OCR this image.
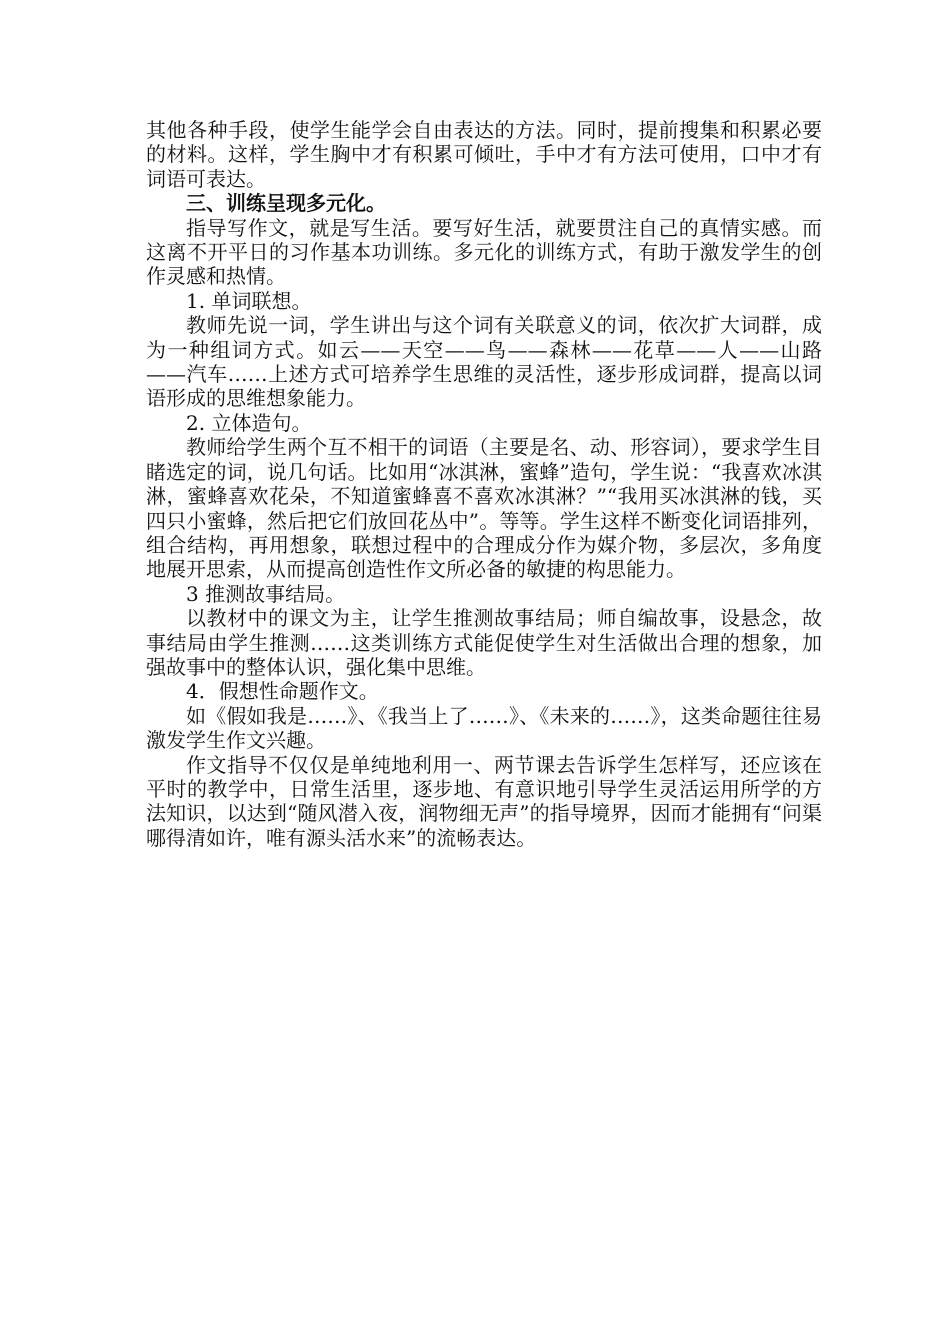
其他各种手段，使学生能学会自由表达的方法。同时，提前搜集和积累必要的材料。这样，学生胸中才有积累可倾吐，手中才有方法可使用，口中才有词语可表达。

三、训练呈现多元化。

指导写作文，就是写生活。要写好生活，就要贯注自己的真情实感。而这离不开平日的习作基本功训练。多元化的训练方式，有助于激发学生的创作灵感和热情。

1. 单词联想。

教师先说一词，学生讲出与这个词有关联意义的词，依次扩大词群，成为一种组词方式。如云——天空——鸟——森林——花草——人——山路——汽车……上述方式可培养学生思维的灵活性，逐步形成词群，提高以词语形成的思维想象能力。

2. 立体造句。

教师给学生两个互不相干的词语（主要是名、动、形容词），要求学生目睹选定的词，说几句话。比如用“冰淇淋，蜜蜂”造句，学生说：“我喜欢冰淇淋，蜜蜂喜欢花朵，不知道蜜蜂喜不喜欢冰淇淋？”“我用买冰淇淋的钱，买四只小蜜蜂，然后把它们放回花丛中”。等等。学生这样不断变化词语排列，组合结构，再用想象，联想过程中的合理成分作为媒介物，多层次，多角度地展开思索，从而提高创造性作文所必备的敏捷的构思能力。

3 推测故事结局。

以教材中的课文为主，让学生推测故事结局；师自编故事，设悬念，故事结局由学生推测……这类训练方式能促使学生对生活做出合理的想象，加强故事中的整体认识，强化集中思维。

4．假想性命题作文。

如《假如我是……》、《我当上了……》、《未来的……》，这类命题往往易激发学生作文兴趣。

作文指导不仅仅是单纯地利用一、两节课去告诉学生怎样写，还应该在平时的教学中，日常生活里，逐步地、有意识地引导学生灵活运用所学的方法知识，以达到“随风潜入夜，润物细无声”的指导境界，因而才能拥有“问渠哪得清如许，唯有源头活水来”的流畅表达。
